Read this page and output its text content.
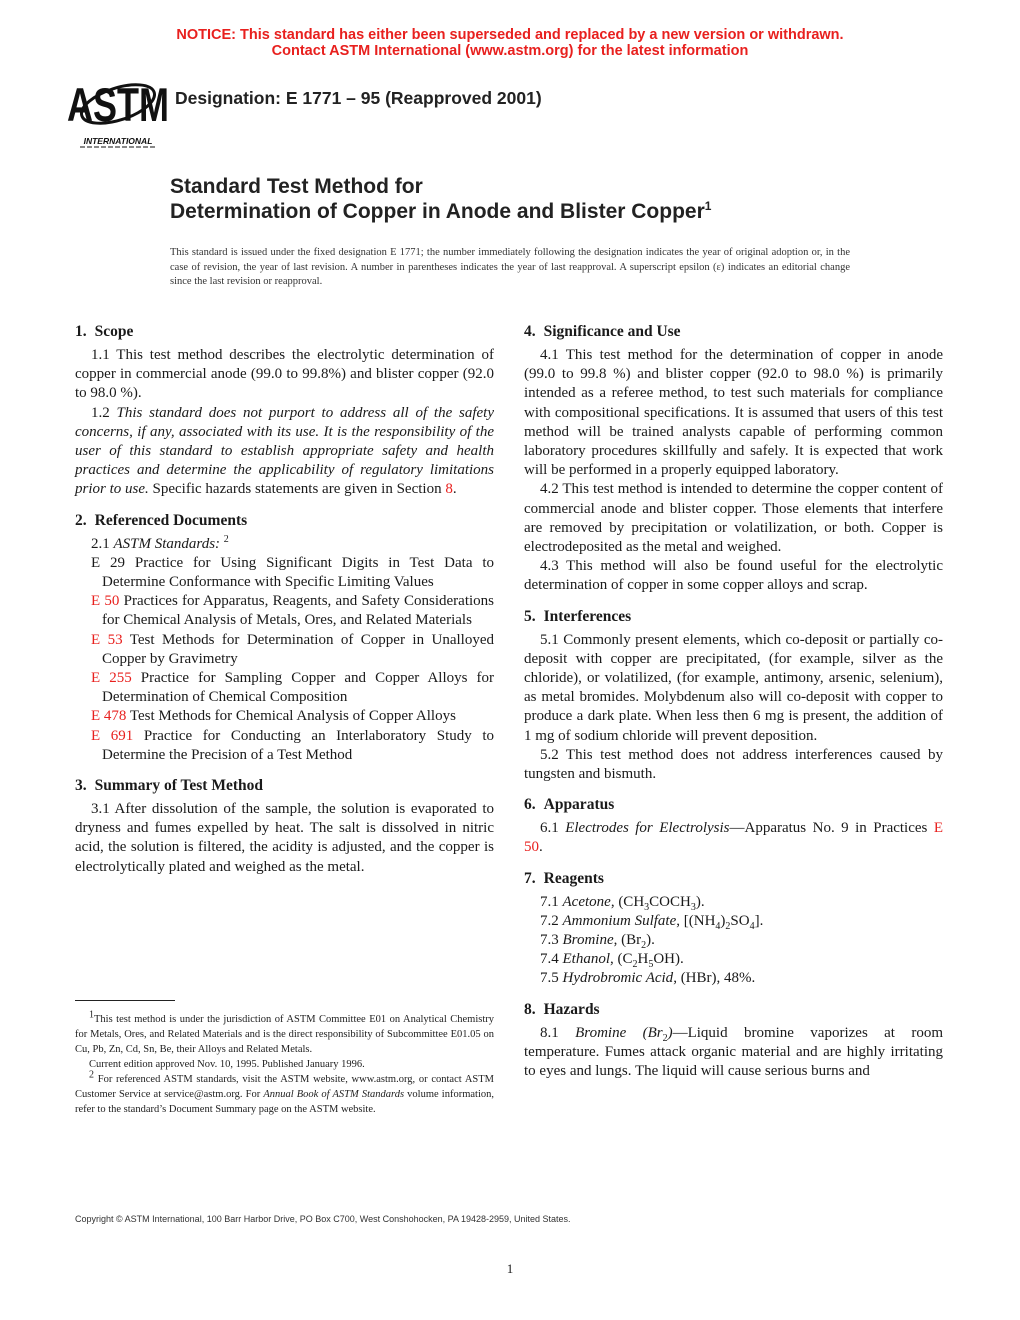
NOTICE: This standard has either been superseded and replaced by a new version or withdrawn.
Contact ASTM International (www.astm.org) for the latest information
ASTM
INTERNATIONAL
Designation: E 1771 – 95 (Reapproved 2001)
Standard Test Method for
Determination of Copper in Anode and Blister Copper$^1$
This standard is issued under the fixed designation E 1771; the number immediately following the designation indicates the year of original adoption or, in the case of revision, the year of last revision. A number in parentheses indicates the year of last reapproval. A superscript epsilon (ε) indicates an editorial change since the last revision or reapproval.
1. Scope

1.1 This test method describes the electrolytic determination of copper in commercial anode (99.0 to 99.8%) and blister copper (92.0 to 98.0 %).

1.2 This standard does not purport to address all of the safety concerns, if any, associated with its use. It is the responsibility of the user of this standard to establish appropriate safety and health practices and determine the applicability of regulatory limitations prior to use. Specific hazards statements are given in Section 8.

2. Referenced Documents

2.1 ASTM Standards: $^2$

E 29 Practice for Using Significant Digits in Test Data to Determine Conformance with Specific Limiting Values

E 50 Practices for Apparatus, Reagents, and Safety Considerations for Chemical Analysis of Metals, Ores, and Related Materials

E 53 Test Methods for Determination of Copper in Unalloyed Copper by Gravimetry

E 255 Practice for Sampling Copper and Copper Alloys for Determination of Chemical Composition

E 478 Test Methods for Chemical Analysis of Copper Alloys

E 691 Practice for Conducting an Interlaboratory Study to Determine the Precision of a Test Method

3. Summary of Test Method

3.1 After dissolution of the sample, the solution is evaporated to dryness and fumes expelled by heat. The salt is dissolved in nitric acid, the solution is filtered, the acidity is adjusted, and the copper is electrolytically plated and weighed as the metal.

4. Significance and Use

4.1 This test method for the determination of copper in anode (99.0 to 99.8 %) and blister copper (92.0 to 98.0 %) is primarily intended as a referee method, to test such materials for compliance with compositional specifications. It is assumed that users of this test method will be trained analysts capable of performing common laboratory procedures skillfully and safely. It is expected that work will be performed in a properly equipped laboratory.

4.2 This test method is intended to determine the copper content of commercial anode and blister copper. Those elements that interfere are removed by precipitation or volatilization, or both. Copper is electrodeposited as the metal and weighed.

4.3 This method will also be found useful for the electrolytic determination of copper in some copper alloys and scrap.

5. Interferences

5.1 Commonly present elements, which co-deposit or partially co-deposit with copper are precipitated, (for example, silver as the chloride), or volatilized, (for example, antimony, arsenic, selenium), as metal bromides. Molybdenum also will co-deposit with copper to produce a dark plate. When less then 6 mg is present, the addition of 1 mg of sodium chloride will prevent deposition.

5.2 This test method does not address interferences caused by tungsten and bismuth.

6. Apparatus

6.1 Electrodes for Electrolysis—Apparatus No. 9 in Practices E 50.

7. Reagents

7.1 Acetone, $(CH_3COCH_3)$.

7.2 Ammonium Sulfate, $[(NH_4)_2SO_4]$.

7.3 Bromine, $(Br_2)$.

7.4 Ethanol, $(C_2H_5OH)$.

7.5 Hydrobromic Acid, (HBr), 48%.

8. Hazards

8.1 Bromine $(Br_2)—Liquid$ bromine vaporizes at room temperature. Fumes attack organic material and are highly irritating to eyes and lungs. The liquid will cause serious burns and

$^1$This test method is under the jurisdiction of ASTM Committee E01 on Analytical Chemistry for Metals, Ores, and Related Materials and is the direct responsibility of Subcommittee E01.05 on Cu, Pb, Zn, Cd, Sn, Be, their Alloys and Related Metals.

Current edition approved Nov. 10, 1995. Published January 1996.

$^2$ For referenced ASTM standards, visit the ASTM website, www.astm.org, or contact ASTM Customer Service at service@astm.org. For Annual Book of ASTM Standards volume information, refer to the standard’s Document Summary page on the ASTM website.

Copyright © ASTM International, 100 Barr Harbor Drive, PO Box C700, West Conshohocken, PA 19428-2959, United States.
1
